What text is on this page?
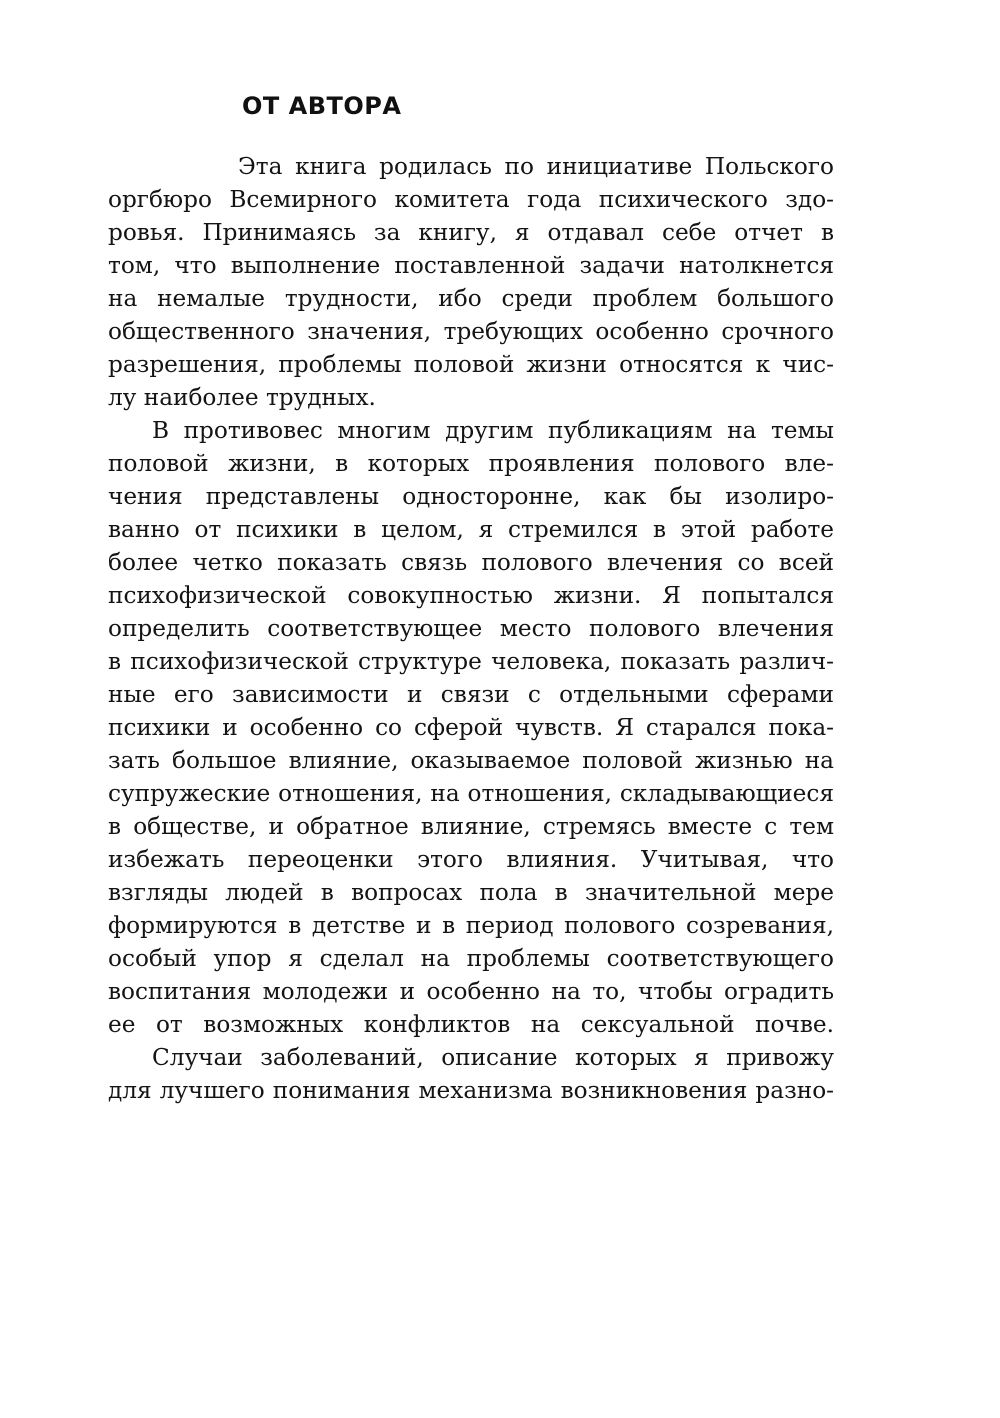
ОТ АВТОРА
Эта книга родилась по инициативе Польского
оргбюро Всемирного комитета года психического здо-
ровья. Принимаясь за книгу, я отдавал себе отчет в
том, что выполнение поставленной задачи натолкнется
на немалые трудности, ибо среди проблем большого
общественного значения, требующих особенно срочного
разрешения, проблемы половой жизни относятся к чис-
лу наиболее трудных.
В противовес многим другим публикациям на темы
половой жизни, в которых проявления полового вле-
чения представлены односторонне, как бы изолиро-
ванно от психики в целом, я стремился в этой работе
более четко показать связь полового влечения со всей
психофизической совокупностью жизни. Я попытался
определить соответствующее место полового влечения
в психофизической структуре человека, показать различ-
ные его зависимости и связи с отдельными сферами
психики и особенно со сферой чувств. Я старался пока-
зать большое влияние, оказываемое половой жизнью на
супружеские отношения, на отношения, складывающиеся
в обществе, и обратное влияние, стремясь вместе с тем
избежать переоценки этого влияния. Учитывая, что
взгляды людей в вопросах пола в значительной мере
формируются в детстве и в период полового созревания,
особый упор я сделал на проблемы соответствующего
воспитания молодежи и особенно на то, чтобы оградить
ее от возможных конфликтов на сексуальной почве.
Случаи заболеваний, описание которых я привожу
для лучшего понимания механизма возникновения разно-
